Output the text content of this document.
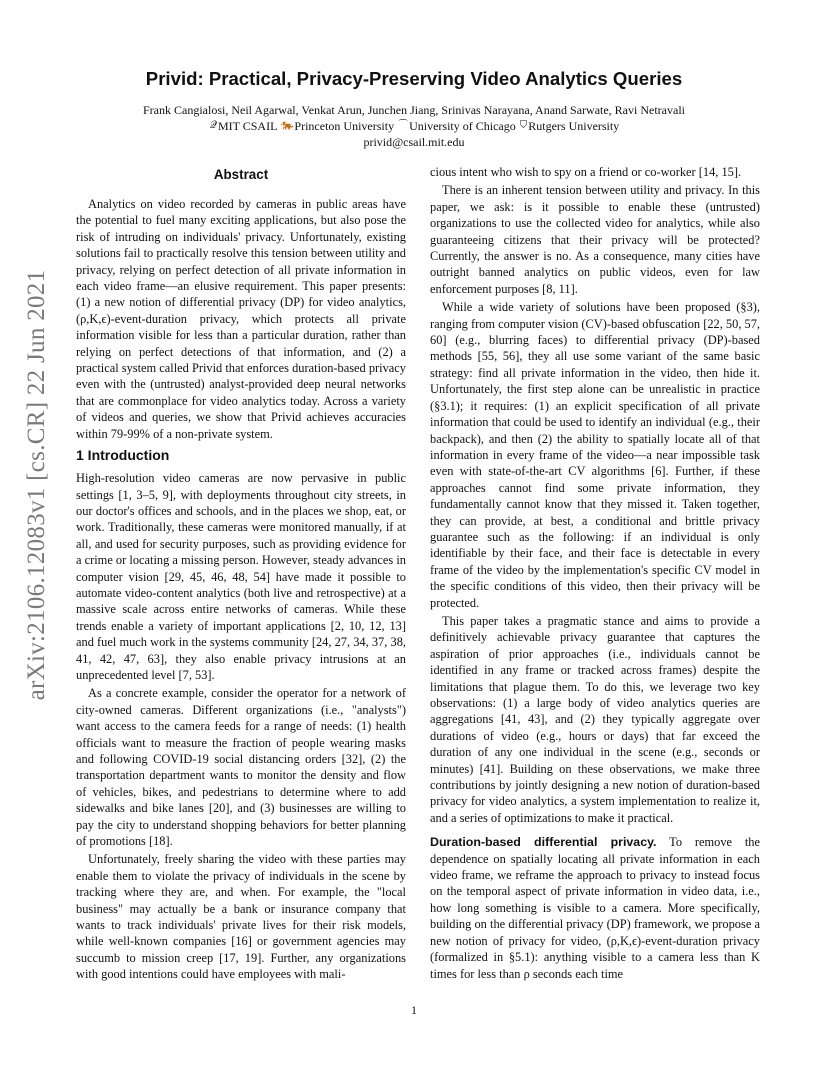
arXiv:2106.12083v1 [cs.CR] 22 Jun 2021
Privid: Practical, Privacy-Preserving Video Analytics Queries
Frank Cangialosi, Neil Agarwal, Venkat Arun, Junchen Jiang, Srinivas Narayana, Anand Sarwate, Ravi Netravali
𝒬MIT CSAIL 🐅Princeton University ⌒University of Chicago ⛉Rutgers University
privid@csail.mit.edu
Abstract

Analytics on video recorded by cameras in public areas have the potential to fuel many exciting applications, but also pose the risk of intruding on individuals' privacy. Unfortunately, existing solutions fail to practically resolve this tension between utility and privacy, relying on perfect detection of all private information in each video frame—an elusive requirement. This paper presents: (1) a new notion of differential privacy (DP) for video analytics, (ρ,K,ϵ)-event-duration privacy, which protects all private information visible for less than a particular duration, rather than relying on perfect detections of that information, and (2) a practical system called Privid that enforces duration-based privacy even with the (untrusted) analyst-provided deep neural networks that are commonplace for video analytics today. Across a variety of videos and queries, we show that Privid achieves accuracies within 79-99% of a non-private system.

1 Introduction

High-resolution video cameras are now pervasive in public settings [1, 3–5, 9], with deployments throughout city streets, in our doctor's offices and schools, and in the places we shop, eat, or work. Traditionally, these cameras were monitored manually, if at all, and used for security purposes, such as providing evidence for a crime or locating a missing person. However, steady advances in computer vision [29, 45, 46, 48, 54] have made it possible to automate video-content analytics (both live and retrospective) at a massive scale across entire networks of cameras. While these trends enable a variety of important applications [2, 10, 12, 13] and fuel much work in the systems community [24, 27, 34, 37, 38, 41, 42, 47, 63], they also enable privacy intrusions at an unprecedented level [7, 53].

As a concrete example, consider the operator for a network of city-owned cameras. Different organizations (i.e., "analysts") want access to the camera feeds for a range of needs: (1) health officials want to measure the fraction of people wearing masks and following COVID-19 social distancing orders [32], (2) the transportation department wants to monitor the density and flow of vehicles, bikes, and pedestrians to determine where to add sidewalks and bike lanes [20], and (3) businesses are willing to pay the city to understand shopping behaviors for better planning of promotions [18].

Unfortunately, freely sharing the video with these parties may enable them to violate the privacy of individuals in the scene by tracking where they are, and when. For example, the "local business" may actually be a bank or insurance company that wants to track individuals' private lives for their risk models, while well-known companies [16] or government agencies may succumb to mission creep [17, 19]. Further, any organizations with good intentions could have employees with mali-

cious intent who wish to spy on a friend or co-worker [14, 15].

There is an inherent tension between utility and privacy. In this paper, we ask: is it possible to enable these (untrusted) organizations to use the collected video for analytics, while also guaranteeing citizens that their privacy will be protected? Currently, the answer is no. As a consequence, many cities have outright banned analytics on public videos, even for law enforcement purposes [8, 11].

While a wide variety of solutions have been proposed (§3), ranging from computer vision (CV)-based obfuscation [22, 50, 57, 60] (e.g., blurring faces) to differential privacy (DP)-based methods [55, 56], they all use some variant of the same basic strategy: find all private information in the video, then hide it. Unfortunately, the first step alone can be unrealistic in practice (§3.1); it requires: (1) an explicit specification of all private information that could be used to identify an individual (e.g., their backpack), and then (2) the ability to spatially locate all of that information in every frame of the video—a near impossible task even with state-of-the-art CV algorithms [6]. Further, if these approaches cannot find some private information, they fundamentally cannot know that they missed it. Taken together, they can provide, at best, a conditional and brittle privacy guarantee such as the following: if an individual is only identifiable by their face, and their face is detectable in every frame of the video by the implementation's specific CV model in the specific conditions of this video, then their privacy will be protected.

This paper takes a pragmatic stance and aims to provide a definitively achievable privacy guarantee that captures the aspiration of prior approaches (i.e., individuals cannot be identified in any frame or tracked across frames) despite the limitations that plague them. To do this, we leverage two key observations: (1) a large body of video analytics queries are aggregations [41, 43], and (2) they typically aggregate over durations of video (e.g., hours or days) that far exceed the duration of any one individual in the scene (e.g., seconds or minutes) [41]. Building on these observations, we make three contributions by jointly designing a new notion of duration-based privacy for video analytics, a system implementation to realize it, and a series of optimizations to make it practical.

Duration-based differential privacy. To remove the dependence on spatially locating all private information in each video frame, we reframe the approach to privacy to instead focus on the temporal aspect of private information in video data, i.e., how long something is visible to a camera. More specifically, building on the differential privacy (DP) framework, we propose a new notion of privacy for video, (ρ,K,ϵ)-event-duration privacy (formalized in §5.1): anything visible to a camera less than K times for less than ρ seconds each time

1
